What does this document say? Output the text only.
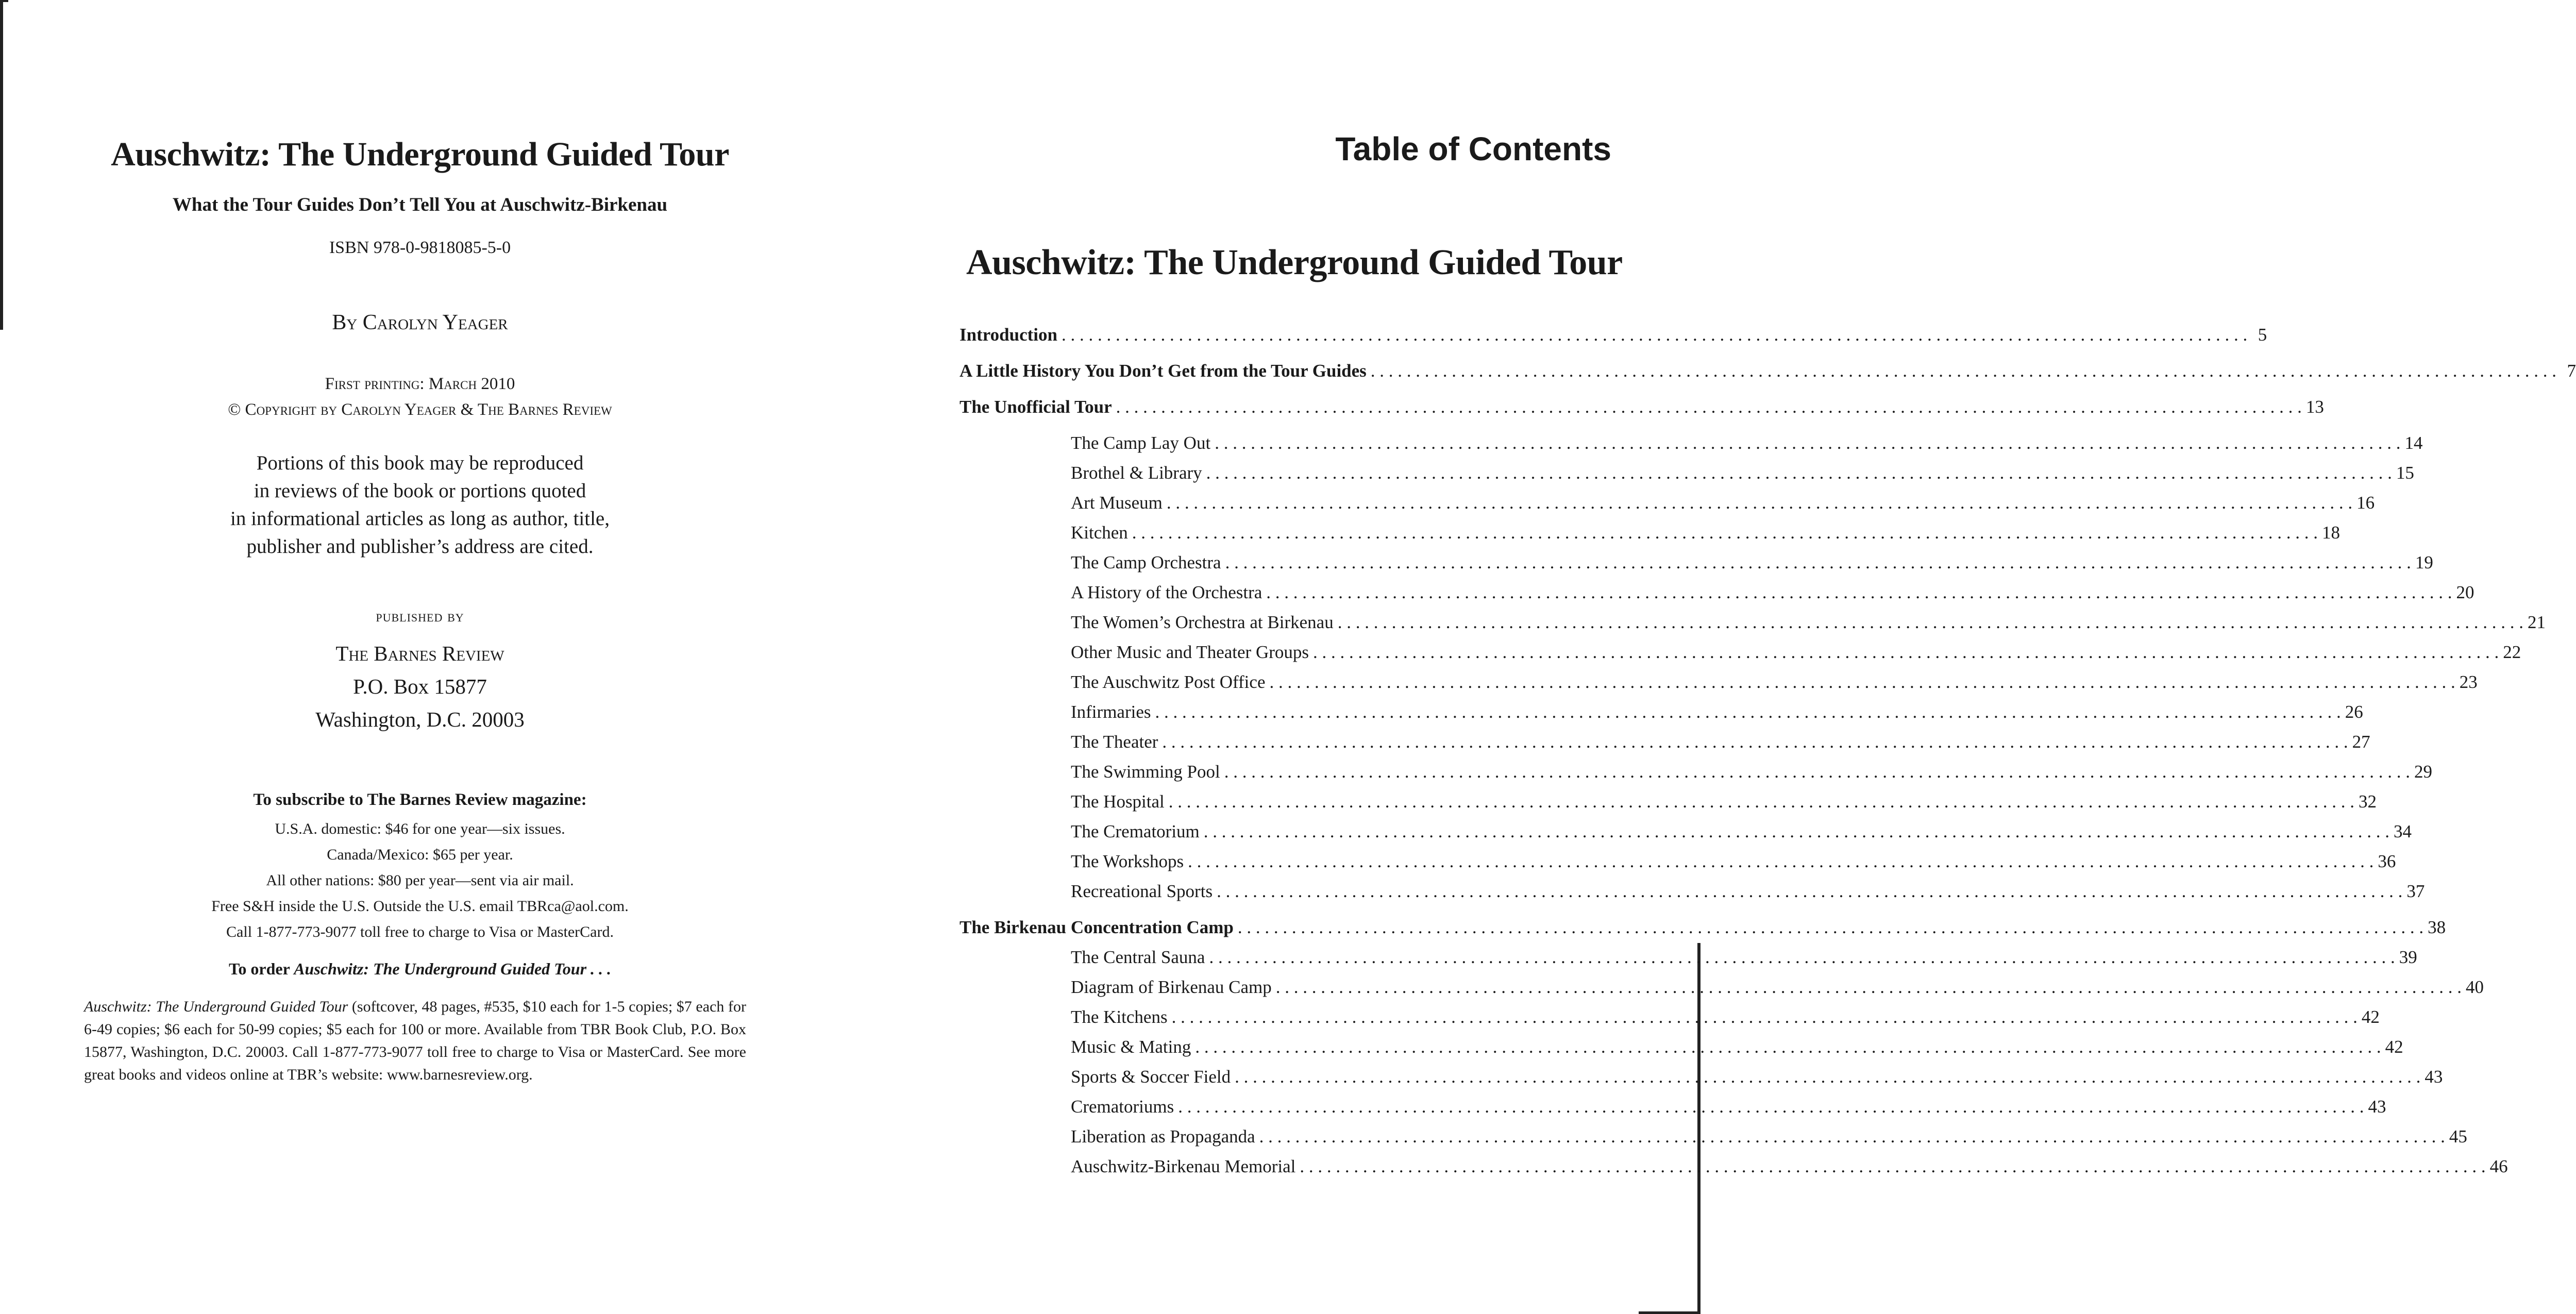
Auschwitz: The Underground Guided Tour
What the Tour Guides Don’t Tell You at Auschwitz-Birkenau
ISBN 978-0-9818085-5-0
By Carolyn Yeager
First printing: March 2010
© Copyright by Carolyn Yeager & The Barnes Review
Portions of this book may be reproduced
in reviews of the book or portions quoted
in informational articles as long as author, title,
publisher and publisher’s address are cited.
published by
The Barnes Review
P.O. Box 15877
Washington, D.C. 20003
To subscribe to The Barnes Review magazine:
U.S.A. domestic: $46 for one year—six issues.
Canada/Mexico: $65 per year.
All other nations: $80 per year—sent via air mail.
Free S&H inside the U.S. Outside the U.S. email TBRca@aol.com.
Call 1-877-773-9077 toll free to charge to Visa or MasterCard.
To order Auschwitz: The Underground Guided Tour . . .
Auschwitz: The Underground Guided Tour (softcover, 48 pages, #535, $10 each for 1-5 copies; $7 each for 6-49 copies; $6 each for 50-99 copies; $5 each for 100 or more. Available from TBR Book Club, P.O. Box 15877, Washington, D.C. 20003. Call 1-877-773-9077 toll free to charge to Visa or MasterCard. See more great books and videos online at TBR’s website: www.barnesreview.org.
Table of Contents
Auschwitz: The Underground Guided Tour
Introduction . . .	5
A Little History You Don’t Get from the Tour Guides . . .	7
The Unofficial Tour . . .	13
The Camp Lay Out . . .	14
Brothel & Library . . .	15
Art Museum . . .	16
Kitchen . . .	18
The Camp Orchestra . . .	19
A History of the Orchestra . . .	20
The Women’s Orchestra at Birkenau . . .	21
Other Music and Theater Groups . . .	22
The Auschwitz Post Office . . .	23
Infirmaries . . .	26
The Theater . . .	27
The Swimming Pool . . .	29
The Hospital . . .	32
The Crematorium . . .	34
The Workshops . . .	36
Recreational Sports . . .	37
The Birkenau Concentration Camp . . .	38
The Central Sauna . . .	39
Diagram of Birkenau Camp . . .	40
The Kitchens . . .	42
Music & Mating . . .	42
Sports & Soccer Field . . .	43
Crematoriums . . .	43
Liberation as Propaganda . . .	45
Auschwitz-Birkenau Memorial . . .	46
